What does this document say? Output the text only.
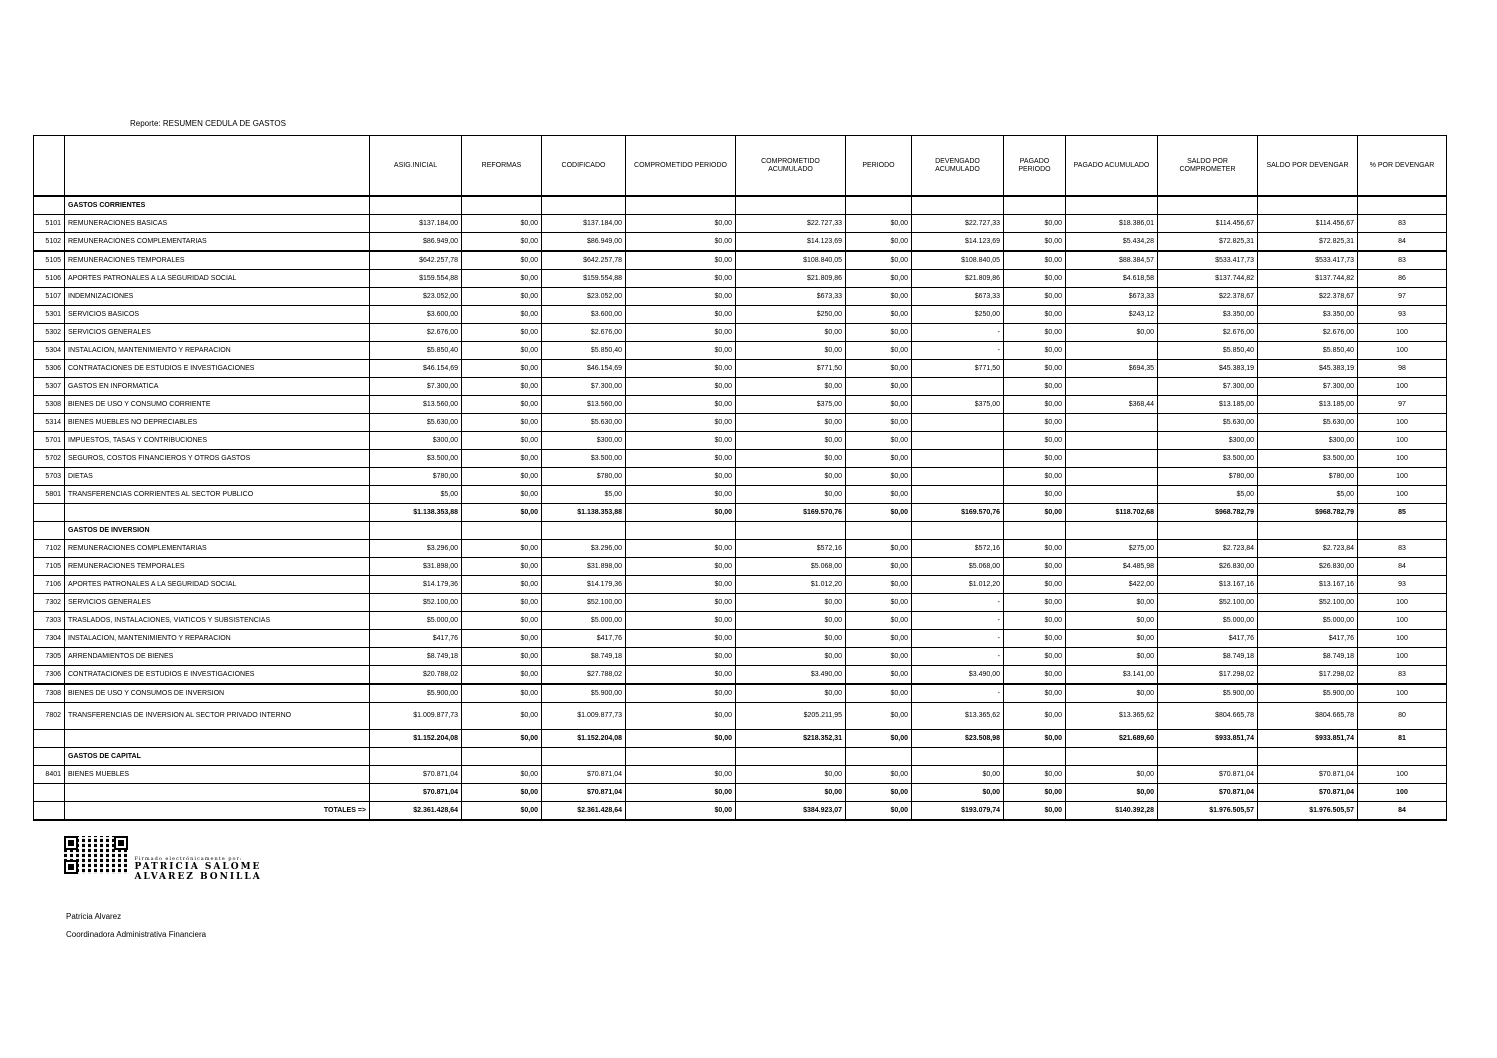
Reporte: RESUMEN CEDULA DE GASTOS
		ASIG.INICIAL	REFORMAS	CODIFICADO	COMPROMETIDO PERIODO	COMPROMETIDO ACUMULADO	PERIODO	DEVENGADO ACUMULADO	PAGADO PERIODO	PAGADO ACUMULADO	SALDO POR COMPROMETER	SALDO POR DEVENGAR	% POR DEVENGAR
	GASTOS CORRIENTES												
5101	REMUNERACIONES BASICAS	$137.184,00	$0,00	$137.184,00	$0,00	$22.727,33	$0,00	$22.727,33	$0,00	$18.386,01	$114.456,67	$114.456,67	83
5102	REMUNERACIONES COMPLEMENTARIAS	$86.949,00	$0,00	$86.949,00	$0,00	$14.123,69	$0,00	$14.123,69	$0,00	$5.434,28	$72.825,31	$72.825,31	84
5105	REMUNERACIONES TEMPORALES	$642.257,78	$0,00	$642.257,78	$0,00	$108.840,05	$0,00	$108.840,05	$0,00	$88.384,57	$533.417,73	$533.417,73	83
5106	APORTES PATRONALES A LA SEGURIDAD SOCIAL	$159.554,88	$0,00	$159.554,88	$0,00	$21.809,86	$0,00	$21.809,86	$0,00	$4.618,58	$137.744,82	$137.744,82	86
5107	INDEMNIZACIONES	$23.052,00	$0,00	$23.052,00	$0,00	$673,33	$0,00	$673,33	$0,00	$673,33	$22.378,67	$22.378,67	97
5301	SERVICIOS BASICOS	$3.600,00	$0,00	$3.600,00	$0,00	$250,00	$0,00	$250,00	$0,00	$243,12	$3.350,00	$3.350,00	93
5302	SERVICIOS GENERALES	$2.676,00	$0,00	$2.676,00	$0,00	$0,00	$0,00	-	$0,00	$0,00	$2.676,00	$2.676,00	100
5304	INSTALACION, MANTENIMIENTO Y REPARACION	$5.850,40	$0,00	$5.850,40	$0,00	$0,00	$0,00	-	$0,00		$5.850,40	$5.850,40	100
5306	CONTRATACIONES DE ESTUDIOS E INVESTIGACIONES	$46.154,69	$0,00	$46.154,69	$0,00	$771,50	$0,00	$771,50	$0,00	$694,35	$45.383,19	$45.383,19	98
5307	GASTOS EN INFORMATICA	$7.300,00	$0,00	$7.300,00	$0,00	$0,00	$0,00		$0,00		$7.300,00	$7.300,00	100
5308	BIENES DE USO Y CONSUMO CORRIENTE	$13.560,00	$0,00	$13.560,00	$0,00	$375,00	$0,00	$375,00	$0,00	$368,44	$13.185,00	$13.185,00	97
5314	BIENES MUEBLES NO DEPRECIABLES	$5.630,00	$0,00	$5.630,00	$0,00	$0,00	$0,00		$0,00		$5.630,00	$5.630,00	100
5701	IMPUESTOS, TASAS Y CONTRIBUCIONES	$300,00	$0,00	$300,00	$0,00	$0,00	$0,00		$0,00		$300,00	$300,00	100
5702	SEGUROS, COSTOS FINANCIEROS Y OTROS GASTOS	$3.500,00	$0,00	$3.500,00	$0,00	$0,00	$0,00		$0,00		$3.500,00	$3.500,00	100
5703	DIETAS	$780,00	$0,00	$780,00	$0,00	$0,00	$0,00		$0,00		$780,00	$780,00	100
5801	TRANSFERENCIAS CORRIENTES AL SECTOR PUBLICO	$5,00	$0,00	$5,00	$0,00	$0,00	$0,00		$0,00		$5,00	$5,00	100
		$1.138.353,88	$0,00	$1.138.353,88	$0,00	$169.570,76	$0,00	$169.570,76	$0,00	$118.702,68	$968.782,79	$968.782,79	85
	GASTOS DE INVERSION												
7102	REMUNERACIONES COMPLEMENTARIAS	$3.296,00	$0,00	$3.296,00	$0,00	$572,16	$0,00	$572,16	$0,00	$275,00	$2.723,84	$2.723,84	83
7105	REMUNERACIONES TEMPORALES	$31.898,00	$0,00	$31.898,00	$0,00	$5.068,00	$0,00	$5.068,00	$0,00	$4.485,98	$26.830,00	$26.830,00	84
7106	APORTES PATRONALES A LA SEGURIDAD SOCIAL	$14.179,36	$0,00	$14.179,36	$0,00	$1.012,20	$0,00	$1.012,20	$0,00	$422,00	$13.167,16	$13.167,16	93
7302	SERVICIOS GENERALES	$52.100,00	$0,00	$52.100,00	$0,00	$0,00	$0,00	-	$0,00	$0,00	$52.100,00	$52.100,00	100
7303	TRASLADOS, INSTALACIONES, VIATICOS Y SUBSISTENCIAS	$5.000,00	$0,00	$5.000,00	$0,00	$0,00	$0,00	-	$0,00	$0,00	$5.000,00	$5.000,00	100
7304	INSTALACION, MANTENIMIENTO Y REPARACION	$417,76	$0,00	$417,76	$0,00	$0,00	$0,00	-	$0,00	$0,00	$417,76	$417,76	100
7305	ARRENDAMIENTOS DE BIENES	$8.749,18	$0,00	$8.749,18	$0,00	$0,00	$0,00	-	$0,00	$0,00	$8.749,18	$8.749,18	100
7306	CONTRATACIONES DE ESTUDIOS E INVESTIGACIONES	$20.788,02	$0,00	$27.788,02	$0,00	$3.490,00	$0,00	$3.490,00	$0,00	$3.141,00	$17.298,02	$17.298,02	83
7308	BIENES DE USO Y CONSUMOS DE INVERSION	$5.900,00	$0,00	$5.900,00	$0,00	$0,00	$0,00	-	$0,00	$0,00	$5.900,00	$5.900,00	100
7802	TRANSFERENCIAS DE INVERSION AL SECTOR PRIVADO INTERNO	$1.009.877,73	$0,00	$1.009.877,73	$0,00	$205.211,95	$0,00	$13.365,62	$0,00	$13.365,62	$804.665,78	$804.665,78	80
		$1.152.204,08	$0,00	$1.152.204,08	$0,00	$218.352,31	$0,00	$23.508,98	$0,00	$21.689,60	$933.851,74	$933.851,74	81
	GASTOS DE CAPITAL												
8401	BIENES MUEBLES	$70.871,04	$0,00	$70.871,04	$0,00	$0,00	$0,00	$0,00	$0,00	$0,00	$70.871,04	$70.871,04	100
		$70.871,04	$0,00	$70.871,04	$0,00	$0,00	$0,00	$0,00	$0,00	$0,00	$70.871,04	$70.871,04	100
	TOTALES =>	$2.361.428,64	$0,00	$2.361.428,64	$0,00	$384.923,07	$0,00	$193.079,74	$0,00	$140.392,28	$1.976.505,57	$1.976.505,57	84

Firmado electrónicamente por:
PATRICIA SALOME
ALVAREZ BONILLA
Patricia Alvarez
Coordinadora Administrativa Financiera
